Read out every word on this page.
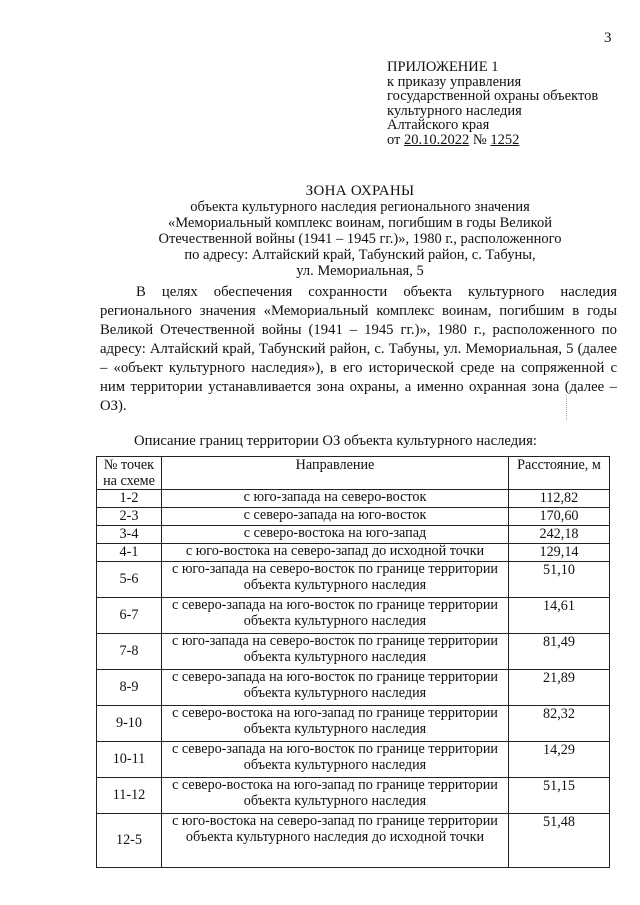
3
ПРИЛОЖЕНИЕ 1
к приказу управления
государственной охраны объектов
культурного наследия
Алтайского края
от 20.10.2022 № 1252
ЗОНА ОХРАНЫ
объекта культурного наследия регионального значения
«Мемориальный комплекс воинам, погибшим в годы Великой
Отечественной войны (1941 – 1945 гг.)», 1980 г., расположенного
по адресу: Алтайский край, Табунский район, с. Табуны,
ул. Мемориальная, 5
В целях обеспечения сохранности объекта культурного наследия регионального значения «Мемориальный комплекс воинам, погибшим в годы Великой Отечественной войны (1941 – 1945 гг.)», 1980 г., расположенного по адресу: Алтайский край, Табунский район, с. Табуны, ул. Мемориальная, 5 (далее – «объект культурного наследия»), в его исторической среде на сопряженной с ним территории устанавливается зона охраны, а именно охранная зона (далее – ОЗ).
Описание границ территории ОЗ объекта культурного наследия:
№ точек на схеме	Направление	Расстояние, м
1-2	с юго-запада на северо-восток	112,82
2-3	с северо-запада на юго-восток	170,60
3-4	с северо-востока на юго-запад	242,18
4-1	с юго-востока на северо-запад до исходной точки	129,14
5-6	с юго-запада на северо-восток по границе территории объекта культурного наследия	51,10
6-7	с северо-запада на юго-восток по границе территории объекта культурного наследия	14,61
7-8	с юго-запада на северо-восток по границе территории объекта культурного наследия	81,49
8-9	с северо-запада на юго-восток по границе территории объекта культурного наследия	21,89
9-10	с северо-востока на юго-запад по границе территории объекта культурного наследия	82,32
10-11	с северо-запада на юго-восток по границе территории объекта культурного наследия	14,29
11-12	с северо-востока на юго-запад по границе территории объекта культурного наследия	51,15
12-5	с юго-востока на северо-запад по границе территории объекта культурного наследия до исходной точки	51,48
